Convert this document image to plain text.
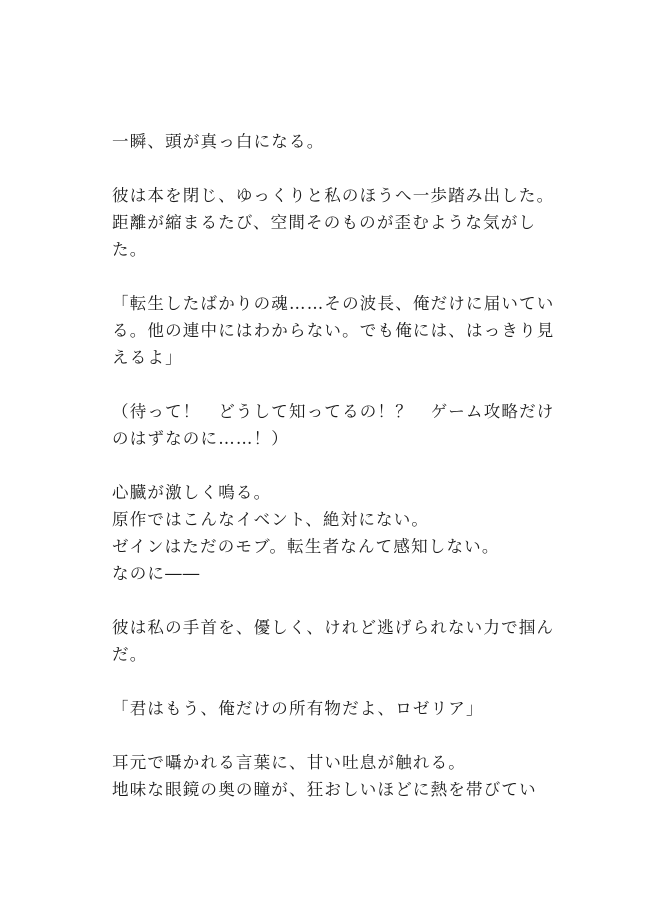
一瞬、頭が真っ白になる。
彼は本を閉じ、ゆっくりと私のほうへ一歩踏み出した。
距離が縮まるたび、空間そのものが歪むような気がし
た。
「転生したばかりの魂……その波長、俺だけに届いてい
る。他の連中にはわからない。でも俺には、はっきり見
えるよ」
（待って！　どうして知ってるの！？　ゲーム攻略だけ
のはずなのに……！）
心臓が激しく鳴る。
原作ではこんなイベント、絶対にない。
ゼインはただのモブ。転生者なんて感知しない。
なのに――
彼は私の手首を、優しく、けれど逃げられない力で掴ん
だ。
「君はもう、俺だけの所有物だよ、ロゼリア」
耳元で囁かれる言葉に、甘い吐息が触れる。
地味な眼鏡の奥の瞳が、狂おしいほどに熱を帯びてい
